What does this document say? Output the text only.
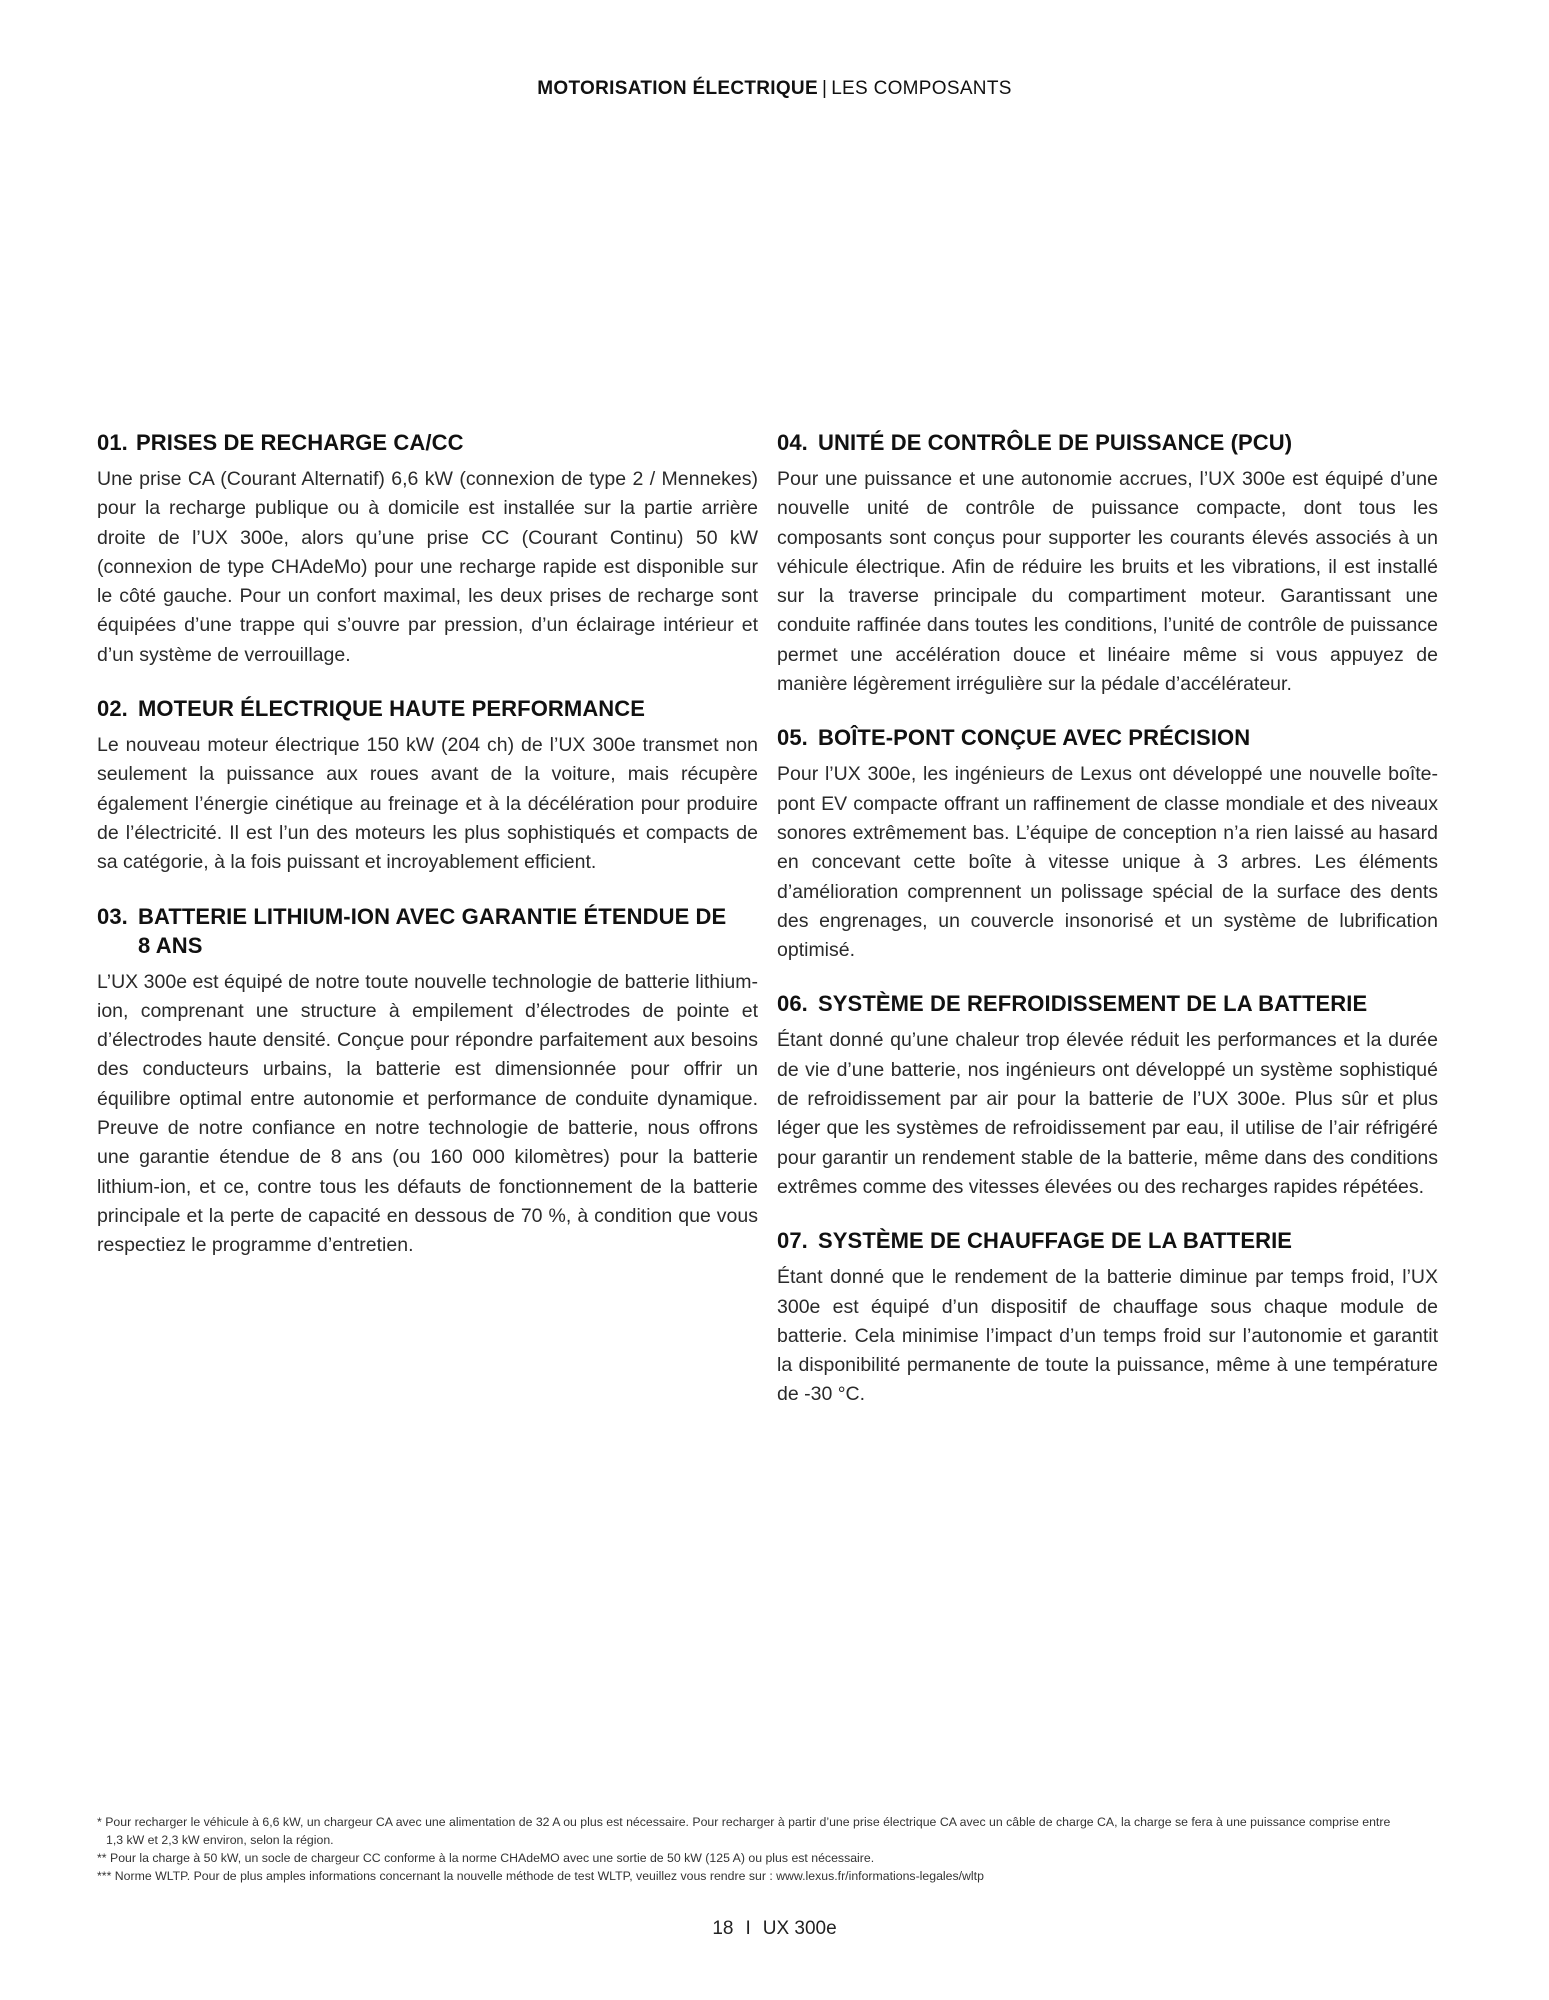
MOTORISATION ÉLECTRIQUE | LES COMPOSANTS
01. PRISES DE RECHARGE CA/CC

Une prise CA (Courant Alternatif) 6,6 kW (connexion de type 2 / Mennekes) pour la recharge publique ou à domicile est installée sur la partie arrière droite de l’UX 300e, alors qu’une prise CC (Courant Continu) 50 kW (connexion de type CHAdeMo) pour une recharge rapide est disponible sur le côté gauche. Pour un confort maximal, les deux prises de recharge sont équipées d’une trappe qui s’ouvre par pression, d’un éclairage intérieur et d’un système de verrouillage.

02. MOTEUR ÉLECTRIQUE HAUTE PERFORMANCE

Le nouveau moteur électrique 150 kW (204 ch) de l’UX 300e transmet non seulement la puissance aux roues avant de la voiture, mais récupère également l’énergie cinétique au freinage et à la décélération pour produire de l’électricité. Il est l’un des moteurs les plus sophistiqués et compacts de sa catégorie, à la fois puissant et incroyablement efficient.

03. BATTERIE LITHIUM-ION AVEC GARANTIE ÉTENDUE DE 8 ANS

L’UX 300e est équipé de notre toute nouvelle technologie de batterie lithium-ion, comprenant une structure à empilement d’électrodes de pointe et d’électrodes haute densité. Conçue pour répondre parfaitement aux besoins des conducteurs urbains, la batterie est dimensionnée pour offrir un équilibre optimal entre autonomie et performance de conduite dynamique. Preuve de notre confiance en notre technologie de batterie, nous offrons une garantie étendue de 8 ans (ou 160 000 kilomètres) pour la batterie lithium-ion, et ce, contre tous les défauts de fonctionnement de la batterie principale et la perte de capacité en dessous de 70 %, à condition que vous respectiez le programme d’entretien.

04. UNITÉ DE CONTRÔLE DE PUISSANCE (PCU)

Pour une puissance et une autonomie accrues, l’UX 300e est équipé d’une nouvelle unité de contrôle de puissance compacte, dont tous les composants sont conçus pour supporter les courants élevés associés à un véhicule électrique. Afin de réduire les bruits et les vibrations, il est installé sur la traverse principale du compartiment moteur. Garantissant une conduite raffinée dans toutes les conditions, l’unité de contrôle de puissance permet une accélération douce et linéaire même si vous appuyez de manière légèrement irrégulière sur la pédale d’accélérateur.

05. BOÎTE-PONT CONÇUE AVEC PRÉCISION

Pour l’UX 300e, les ingénieurs de Lexus ont développé une nouvelle boîte-pont EV compacte offrant un raffinement de classe mondiale et des niveaux sonores extrêmement bas. L’équipe de conception n’a rien laissé au hasard en concevant cette boîte à vitesse unique à 3 arbres. Les éléments d’amélioration comprennent un polissage spécial de la surface des dents des engrenages, un couvercle insonorisé et un système de lubrification optimisé.

06. SYSTÈME DE REFROIDISSEMENT DE LA BATTERIE

Étant donné qu’une chaleur trop élevée réduit les performances et la durée de vie d’une batterie, nos ingénieurs ont développé un système sophistiqué de refroidissement par air pour la batterie de l’UX 300e. Plus sûr et plus léger que les systèmes de refroidissement par eau, il utilise de l’air réfrigéré pour garantir un rendement stable de la batterie, même dans des conditions extrêmes comme des vitesses élevées ou des recharges rapides répétées.

07. SYSTÈME DE CHAUFFAGE DE LA BATTERIE

Étant donné que le rendement de la batterie diminue par temps froid, l’UX 300e est équipé d’un dispositif de chauffage sous chaque module de batterie. Cela minimise l’impact d’un temps froid sur l’autonomie et garantit la disponibilité permanente de toute la puissance, même à une température de -30 °C.

* Pour recharger le véhicule à 6,6 kW, un chargeur CA avec une alimentation de 32 A ou plus est nécessaire. Pour recharger à partir d’une prise électrique CA avec un câble de charge CA, la charge se fera à une puissance comprise entre

1,3 kW et 2,3 kW environ, selon la région.

** Pour la charge à 50 kW, un socle de chargeur CC conforme à la norme CHAdeMO avec une sortie de 50 kW (125 A) ou plus est nécessaire.

*** Norme WLTP. Pour de plus amples informations concernant la nouvelle méthode de test WLTP, veuillez vous rendre sur : www.lexus.fr/informations-legales/wltp

18 I UX 300e
